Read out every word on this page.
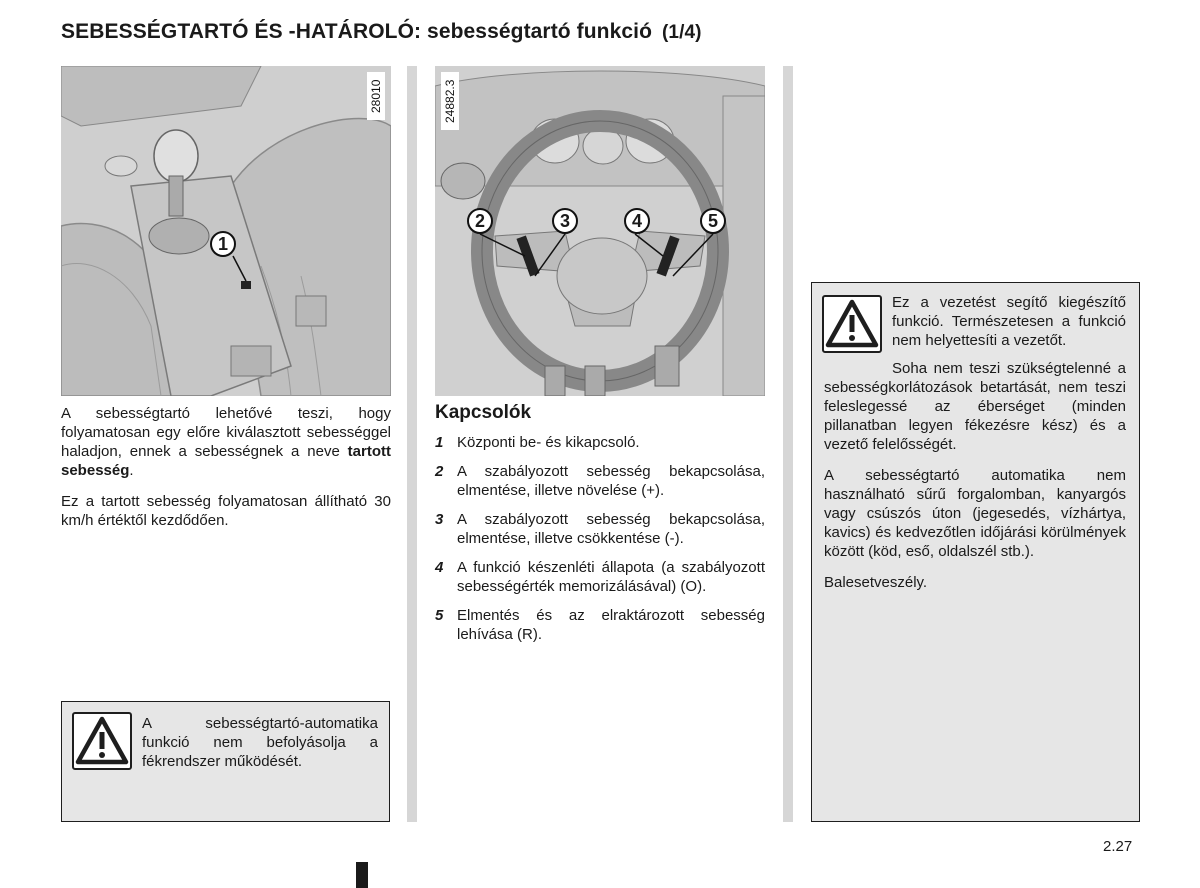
SEBESSÉGTARTÓ ÉS -HATÁROLÓ: sebességtartó funkció (1/4)
1
28010

A sebességtartó lehetővé teszi, hogy folyamatosan egy előre kiválasztott sebességgel haladjon, ennek a sebességnek a neve tartott sebesség.

Ez a tartott sebesség folyamatosan állítható 30 km/h értéktől kezdődően.

A sebességtartó-automatika funkció nem befolyásolja a fékrendszer működését.

2	3	4	5
24882.3
Kapcsolók
1 Központi be- és kikapcsoló.
2 A szabályozott sebesség bekapcsolása, elmentése, illetve növelése (+).
3 A szabályozott sebesség bekapcsolása, elmentése, illetve csökkentése (-).
4 A funkció készenléti állapota (a szabályozott sebességérték memorizálásával) (O).
5 Elmentés és az elraktározott sebesség lehívása (R).

Ez a vezetést segítő kiegészítő funkció. Természetesen a funkció nem helyettesíti a vezetőt.

Soha nem teszi szükségtelenné a sebességkorlátozások betartását, nem teszi feleslegessé az éberséget (minden pillanatban legyen fékezésre kész) és a vezető felelősségét.

A sebességtartó automatika nem használható sűrű forgalomban, kanyargós vagy csúszós úton (jegesedés, vízhártya, kavics) és kedvezőtlen időjárási körülmények között (köd, eső, oldalszél stb.).

Balesetveszély.

2.27
